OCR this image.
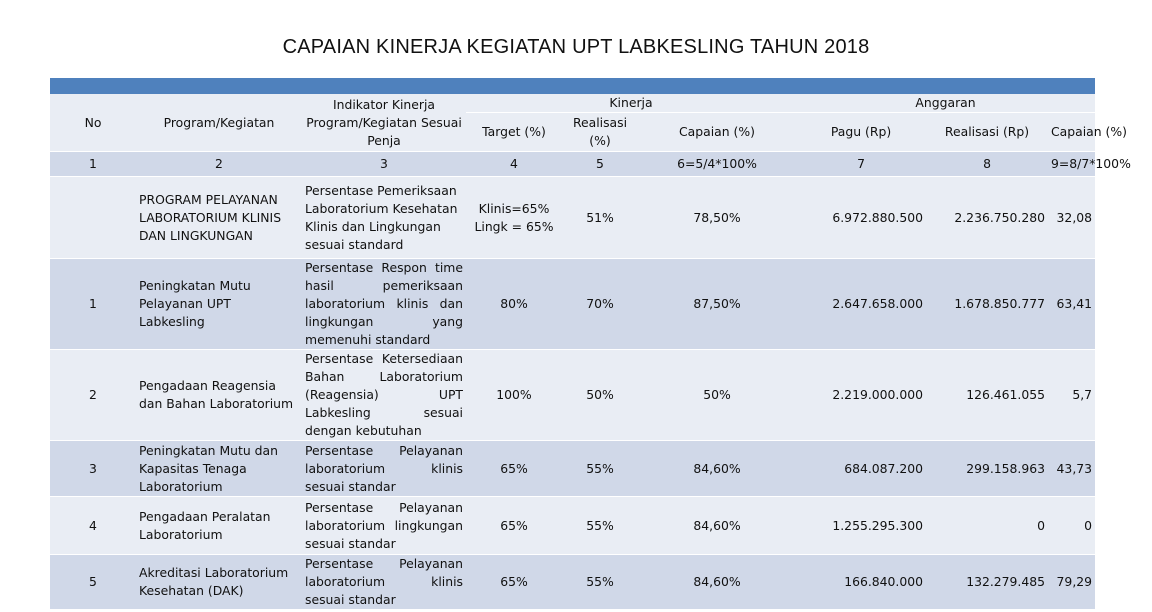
CAPAIAN KINERJA KEGIATAN UPT LABKESLING TAHUN 2018
No	Program/Kegiatan	Indikator Kinerja Program/Kegiatan Sesuai Penja	Kinerja			Anggaran		
			Target (%)	Realisasi (%)	Capaian (%)	Pagu (Rp)	Realisasi (Rp)	Capaian (%)
1	2	3	4	5	6=5/4*100%	7	8	9=8/7*100%
	PROGRAM PELAYANAN LABORATORIUM KLINIS DAN LINGKUNGAN	Persentase Pemeriksaan Laboratorium Kesehatan Klinis dan Lingkungan sesuai standard	Klinis=65% Lingk = 65%	51%	78,50%	6.972.880.500	2.236.750.280	32,08
1	Peningkatan Mutu Pelayanan UPT Labkesling	Persentase Respon time hasil pemeriksaan laboratorium klinis dan lingkungan yang memenuhi standard	80%	70%	87,50%	2.647.658.000	1.678.850.777	63,41
2	Pengadaan Reagensia dan Bahan Laboratorium	Persentase Ketersediaan Bahan Laboratorium (Reagensia) UPT Labkesling sesuai dengan kebutuhan	100%	50%	50%	2.219.000.000	126.461.055	5,7
3	Peningkatan Mutu dan Kapasitas Tenaga Laboratorium	Persentase Pelayanan laboratorium klinis sesuai standar	65%	55%	84,60%	684.087.200	299.158.963	43,73
4	Pengadaan Peralatan Laboratorium	Persentase Pelayanan laboratorium lingkungan sesuai standar	65%	55%	84,60%	1.255.295.300	0	0
5	Akreditasi Laboratorium Kesehatan (DAK)	Persentase Pelayanan laboratorium klinis sesuai standar	65%	55%	84,60%	166.840.000	132.279.485	79,29
